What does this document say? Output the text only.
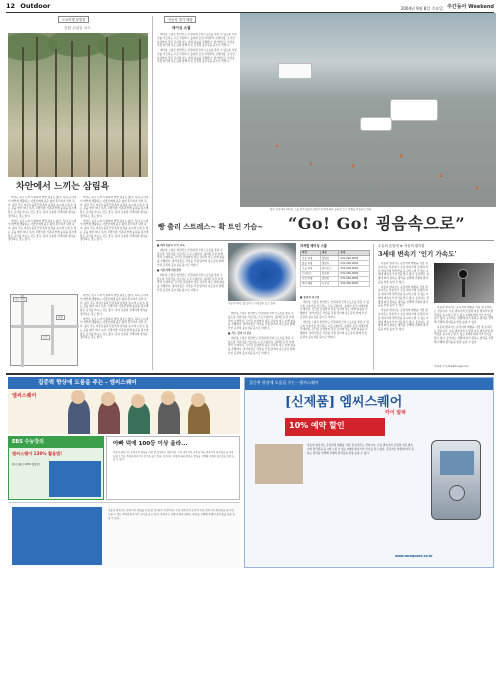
12 Outdoor	2004년 9월 8일 수요일 주간동아 Weekend
도보여행 불볕을
공원 주위길 코스
차안에서 느끼는 삼림욕

자연은 보고 느끼기 위하여 말할 필요도 없다. 특히 도시에서 바쁘게 생활하는 사람들에게 숲은 삶의 휴식처가 되어 준다. 숲이 주는 여유로움과 산림욕의 효과를 동시에 누릴 수 있는 곳을 찾아 떠나 보자. 주말이면 가족과 함께 숲길을 걸으며 맑은 공기를 마시는 것도 좋고, 혼자 조용히 산책하며 생각을 정리하는 것도 좋다.

자연은 보고 느끼기 위하여 말할 필요도 없다. 특히 도시에서 바쁘게 생활하는 사람들에게 숲은 삶의 휴식처가 되어 준다. 숲이 주는 여유로움과 산림욕의 효과를 동시에 누릴 수 있는 곳을 찾아 떠나 보자. 주말이면 가족과 함께 숲길을 걸으며 맑은 공기를 마시는 것도 좋고, 혼자 조용히 산책하며 생각을 정리하는 것도 좋다.

자연은 보고 느끼기 위하여 말할 필요도 없다. 특히 도시에서 바쁘게 생활하는 사람들에게 숲은 삶의 휴식처가 되어 준다. 숲이 주는 여유로움과 산림욕의 효과를 동시에 누릴 수 있는 곳을 찾아 떠나 보자. 주말이면 가족과 함께 숲길을 걸으며 맑은 공기를 마시는 것도 좋고, 혼자 조용히 산책하며 생각을 정리하는 것도 좋다.

자연은 보고 느끼기 위하여 말할 필요도 없다. 특히 도시에서 바쁘게 생활하는 사람들에게 숲은 삶의 휴식처가 되어 준다. 숲이 주는 여유로움과 산림욕의 효과를 동시에 누릴 수 있는 곳을 찾아 떠나 보자. 주말이면 가족과 함께 숲길을 걸으며 맑은 공기를 마시는 것도 좋고, 혼자 조용히 산책하며 생각을 정리하는 것도 좋다.

가는 방법
도보
전철

자연은 보고 느끼기 위하여 말할 필요도 없다. 특히 도시에서 바쁘게 생활하는 사람들에게 숲은 삶의 휴식처가 되어 준다. 숲이 주는 여유로움과 산림욕의 효과를 동시에 누릴 수 있는 곳을 찾아 떠나 보자. 주말이면 가족과 함께 숲길을 걸으며 맑은 공기를 마시는 것도 좋고, 혼자 조용히 산책하며 생각을 정리하는 것도 좋다.

자연은 보고 느끼기 위하여 말할 필요도 없다. 특히 도시에서 바쁘게 생활하는 사람들에게 숲은 삶의 휴식처가 되어 준다. 숲이 주는 여유로움과 산림욕의 효과를 동시에 누릴 수 있는 곳을 찾아 떠나 보자. 주말이면 가족과 함께 숲길을 걸으며 맑은 공기를 마시는 것도 좋고, 혼자 조용히 산책하며 생각을 정리하는 것도 좋다.

자동차 경기 체험
레이싱 스쿨

레이싱 스쿨은 일반인도 안전하게 모터스포츠를 즐길 수 있도록 기본기를 가르치는 프로그램이다. 올바른 운전 자세부터 브레이킹, 코너링 요령까지 전문 강사의 지도 아래 실습을 진행한다. 참가자들은 서킷을 직접 달리며 속도감과 함께 안전 운전의 중요성을 몸으로 익힌다.

레이싱 스쿨은 일반인도 안전하게 모터스포츠를 즐길 수 있도록 기본기를 가르치는 프로그램이다. 올바른 운전 자세부터 브레이킹, 코너링 요령까지 전문 강사의 지도 아래 실습을 진행한다. 참가자들은 서킷을 직접 달리며 속도감과 함께 안전 운전의 중요성을 몸으로 익힌다.

용인 서킷에서 레이싱 스쿨 참가자들이 교관의 안내에 따라 슬라럼 코스 주행을 연습하고 있다.
빵 출리 스트레스~ 확 트인 가슴~ “Go! Go! 굉음속으로”

■ 레이싱팀의 수석 교육

레이싱 스쿨은 일반인도 안전하게 모터스포츠를 즐길 수 있도록 기본기를 가르치는 프로그램이다. 올바른 운전 자세부터 브레이킹, 코너링 요령까지 전문 강사의 지도 아래 실습을 진행한다. 참가자들은 서킷을 직접 달리며 속도감과 함께 안전 운전의 중요성을 몸으로 익힌다.

■ 기본자세 바로잡기

레이싱 스쿨은 일반인도 안전하게 모터스포츠를 즐길 수 있도록 기본기를 가르치는 프로그램이다. 올바른 운전 자세부터 브레이킹, 코너링 요령까지 전문 강사의 지도 아래 실습을 진행한다. 참가자들은 서킷을 직접 달리며 속도감과 함께 안전 운전의 중요성을 몸으로 익힌다.

자동차 레이스를 즐기는 사람들이 늘고 있다.

레이싱 스쿨은 일반인도 안전하게 모터스포츠를 즐길 수 있도록 기본기를 가르치는 프로그램이다. 올바른 운전 자세부터 브레이킹, 코너링 요령까지 전문 강사의 지도 아래 실습을 진행한다. 참가자들은 서킷을 직접 달리며 속도감과 함께 안전 운전의 중요성을 몸으로 익힌다.

■ 서는 것이 더 중요

레이싱 스쿨은 일반인도 안전하게 모터스포츠를 즐길 수 있도록 기본기를 가르치는 프로그램이다. 올바른 운전 자세부터 브레이킹, 코너링 요령까지 전문 강사의 지도 아래 실습을 진행한다. 참가자들은 서킷을 직접 달리며 속도감과 함께 안전 운전의 중요성을 몸으로 익힌다.

자격별 레이싱 스쿨
과정	대상	문의
기초 과정	일반인	031-000-0000
중급 과정	경험자	031-000-0000
고급 과정	라이선스	031-000-0000
드리프트	동호회	031-000-0000
서킷 주행	일반인	031-000-0000
택시 체험	누구나	031-000-0000

■ 충실과 경고점

레이싱 스쿨은 일반인도 안전하게 모터스포츠를 즐길 수 있도록 기본기를 가르치는 프로그램이다. 올바른 운전 자세부터 브레이킹, 코너링 요령까지 전문 강사의 지도 아래 실습을 진행한다. 참가자들은 서킷을 직접 달리며 속도감과 함께 안전 운전의 중요성을 몸으로 익힌다.

레이싱 스쿨은 일반인도 안전하게 모터스포츠를 즐길 수 있도록 기본기를 가르치는 프로그램이다. 올바른 운전 자세부터 브레이킹, 코너링 요령까지 전문 강사의 지도 아래 실습을 진행한다. 참가자들은 서킷을 직접 달리며 속도감과 함께 안전 운전의 중요성을 몸으로 익힌다.

수동의 손맛에 ★ 자동의 편리함
3세대 변속기 ‘인기 가속도’

자동차 변속기는 운전자의 취향을 가장 잘 보여주는 부분이다. 수동 변속기의 손맛과 자동 변속기의 편리함을 동시에 누릴 수 있는 3세대 변속기가 인기를 끌고 있다. 운전자는 상황에 따라 원하는 방식을 선택해 주행의 즐거움을 한층 높일 수 있다.

자동차 변속기는 운전자의 취향을 가장 잘 보여주는 부분이다. 수동 변속기의 손맛과 자동 변속기의 편리함을 동시에 누릴 수 있는 3세대 변속기가 인기를 끌고 있다. 운전자는 상황에 따라 원하는 방식을 선택해 주행의 즐거움을 한층 높일 수 있다.

자동차 변속기는 운전자의 취향을 가장 잘 보여주는 부분이다. 수동 변속기의 손맛과 자동 변속기의 편리함을 동시에 누릴 수 있는 3세대 변속기가 인기를 끌고 있다. 운전자는 상황에 따라 원하는 방식을 선택해 주행의 즐거움을 한층 높일 수 있다.

자동차 변속기는 운전자의 취향을 가장 잘 보여주는 부분이다. 수동 변속기의 손맛과 자동 변속기의 편리함을 동시에 누릴 수 있는 3세대 변속기가 인기를 끌고 있다. 운전자는 상황에 따라 원하는 방식을 선택해 주행의 즐거움을 한층 높일 수 있다.

자동차 변속기는 운전자의 취향을 가장 잘 보여주는 부분이다. 수동 변속기의 손맛과 자동 변속기의 편리함을 동시에 누릴 수 있는 3세대 변속기가 인기를 끌고 있다. 운전자는 상황에 따라 원하는 방식을 선택해 주행의 즐거움을 한층 높일 수 있다.

이재명 기자 jlee@donga.com
집중력 향상에 도움을 주는 - 엠씨스퀘어
엠씨스퀘어
EBS 수능강의
엠씨스퀘어 120% 활용법!
엠씨스퀘어 120% 활용법!
아빠 덕에 100등 이상 올라...
자동차 변속기는 운전자의 취향을 가장 잘 보여주는 부분이다. 수동 변속기의 손맛과 자동 변속기의 편리함을 동시에 누릴 수 있는 3세대 변속기가 인기를 끌고 있다. 운전자는 상황에 따라 원하는 방식을 선택해 주행의 즐거움을 한층 높일 수 있다.
자동차 변속기는 운전자의 취향을 가장 잘 보여주는 부분이다. 수동 변속기의 손맛과 자동 변속기의 편리함을 동시에 누릴 수 있는 3세대 변속기가 인기를 끌고 있다. 운전자는 상황에 따라 원하는 방식을 선택해 주행의 즐거움을 한층 높일 수 있다.
집중력 향상에 도움을 주는 - 엠씨스퀘어
[신제품] 엠씨스퀘어
카이 알파
10% 예약 할인
자동차 변속기는 운전자의 취향을 가장 잘 보여주는 부분이다. 수동 변속기의 손맛과 자동 변속기의 편리함을 동시에 누릴 수 있는 3세대 변속기가 인기를 끌고 있다. 운전자는 상황에 따라 원하는 방식을 선택해 주행의 즐거움을 한층 높일 수 있다.
www.mcsquare.co.kr
